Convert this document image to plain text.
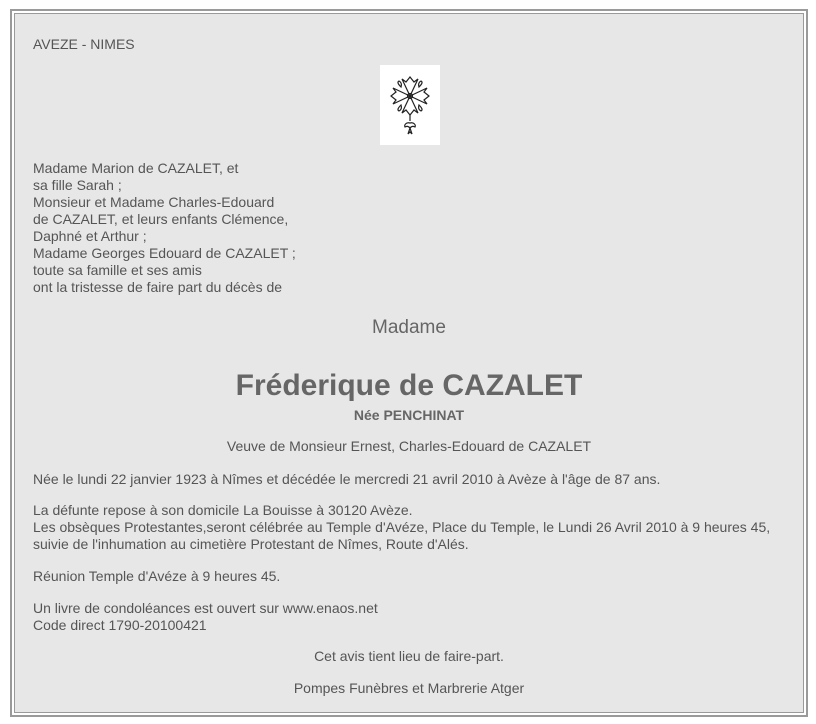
AVEZE - NIMES
Madame Marion de CAZALET, et
sa fille Sarah ;
Monsieur et Madame Charles-Edouard
de CAZALET, et leurs enfants Clémence,
Daphné et Arthur ;
Madame Georges Edouard de CAZALET ;
toute sa famille et ses amis
ont la tristesse de faire part du décès de
Madame
Fréderique de CAZALET
Née PENCHINAT
Veuve de Monsieur Ernest, Charles-Edouard de CAZALET
Née le lundi 22 janvier 1923 à Nîmes et décédée le mercredi 21 avril 2010 à Avèze à l'âge de 87 ans.
La défunte repose à son domicile La Bouisse à 30120 Avèze.
Les obsèques Protestantes,seront célébrée au Temple d'Avéze, Place du Temple, le Lundi 26 Avril 2010 à 9 heures 45, suivie de l'inhumation au cimetière Protestant de Nîmes, Route d'Alés.
Réunion Temple d'Avéze à 9 heures 45.
Un livre de condoléances est ouvert sur www.enaos.net
Code direct 1790-20100421
Cet avis tient lieu de faire-part.
Pompes Funèbres et Marbrerie Atger
